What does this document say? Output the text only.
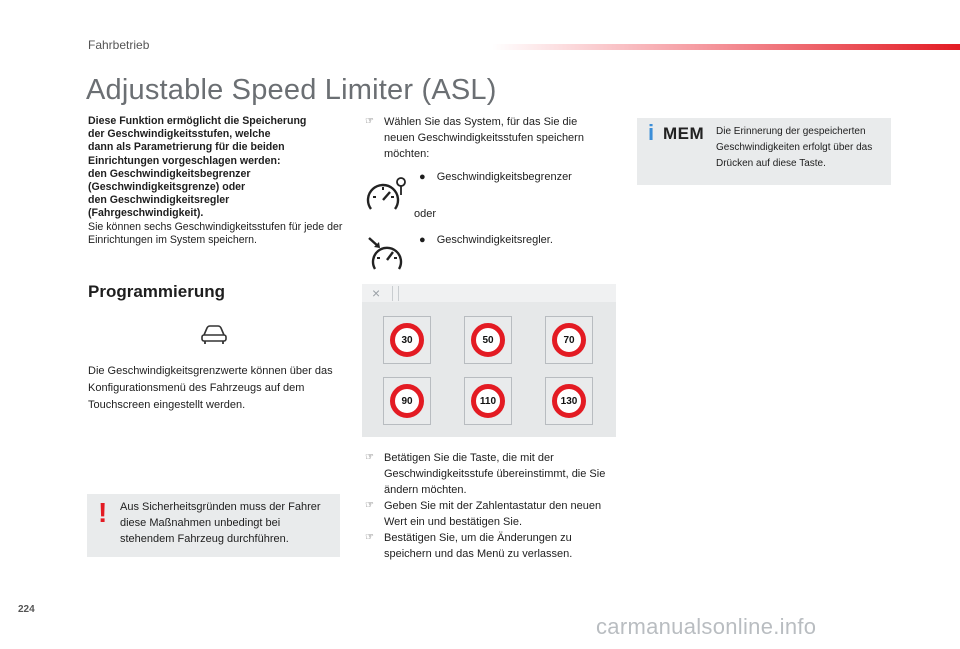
Fahrbetrieb
Adjustable Speed Limiter (ASL)
Diese Funktion ermöglicht die Speicherung
der Geschwindigkeitsstufen, welche
dann als Parametrierung für die beiden
Einrichtungen vorgeschlagen werden:
den Geschwindigkeitsbegrenzer
(Geschwindigkeitsgrenze) oder
den Geschwindigkeitsregler
(Fahrgeschwindigkeit).
Sie können sechs Geschwindigkeitsstufen für jede der Einrichtungen im System speichern.
Programmierung
Die Geschwindigkeitsgrenzwerte können über das Konfigurationsmenü des Fahrzeugs auf dem Touchscreen eingestellt werden.
! Aus Sicherheitsgründen muss der Fahrer diese Maßnahmen unbedingt bei stehendem Fahrzeug durchführen.
☞ Wählen Sie das System, für das Sie die neuen Geschwindigkeitsstufen speichern möchten:
● Geschwindigkeitsbegrenzer
oder
● Geschwindigkeitsregler.
×
30	50	70
90	110	130
☞ Betätigen Sie die Taste, die mit der Geschwindigkeitsstufe übereinstimmt, die Sie ändern möchten.
☞ Geben Sie mit der Zahlentastatur den neuen Wert ein und bestätigen Sie.
☞ Bestätigen Sie, um die Änderungen zu speichern und das Menü zu verlassen.
i MEM Die Erinnerung der gespeicherten Geschwindigkeiten erfolgt über das Drücken auf diese Taste.
224
carmanualsonline.info
